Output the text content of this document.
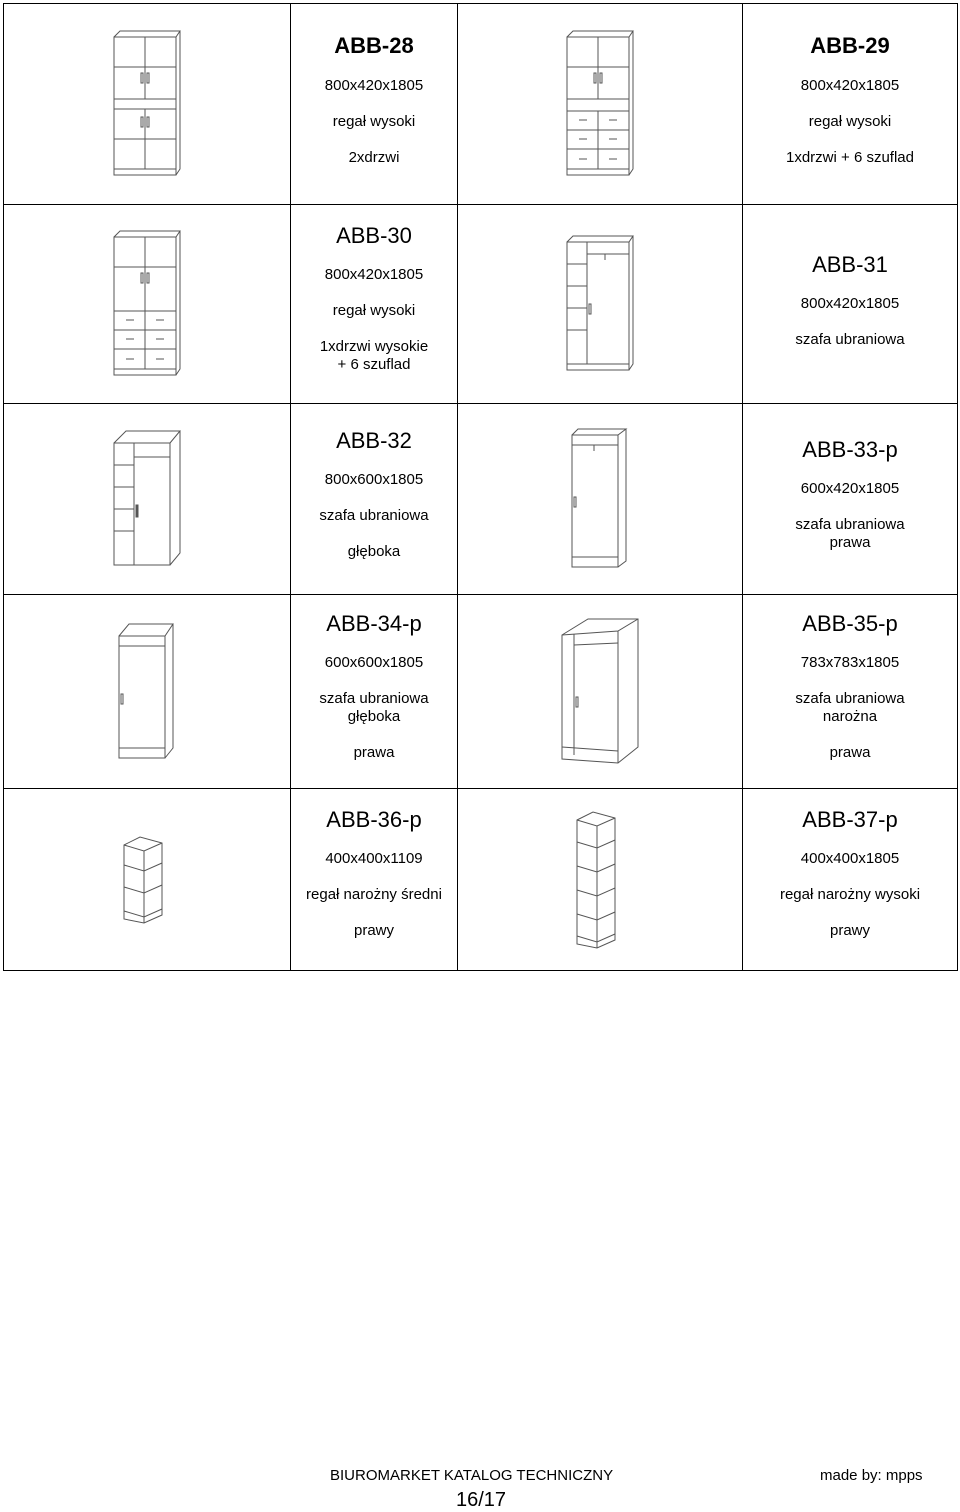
ABB-28
800x420x1805
regał wysoki
2xdrzwi
ABB-29
800x420x1805
regał wysoki
1xdrzwi + 6 szuflad
ABB-30
800x420x1805
regał wysoki
1xdrzwi wysokie
+ 6 szuflad
ABB-31
800x420x1805
szafa ubraniowa
ABB-32
800x600x1805
szafa ubraniowa
głęboka
ABB-33-p
600x420x1805
szafa ubraniowa
prawa
ABB-34-p
600x600x1805
szafa ubraniowa
głęboka
prawa
ABB-35-p
783x783x1805
szafa ubraniowa
narożna
prawa
ABB-36-p
400x400x1109
regał narożny średni
prawy
ABB-37-p
400x400x1805
regał narożny wysoki
prawy
BIUROMARKET KATALOG TECHNICZNY	made by: mpps
16/17
